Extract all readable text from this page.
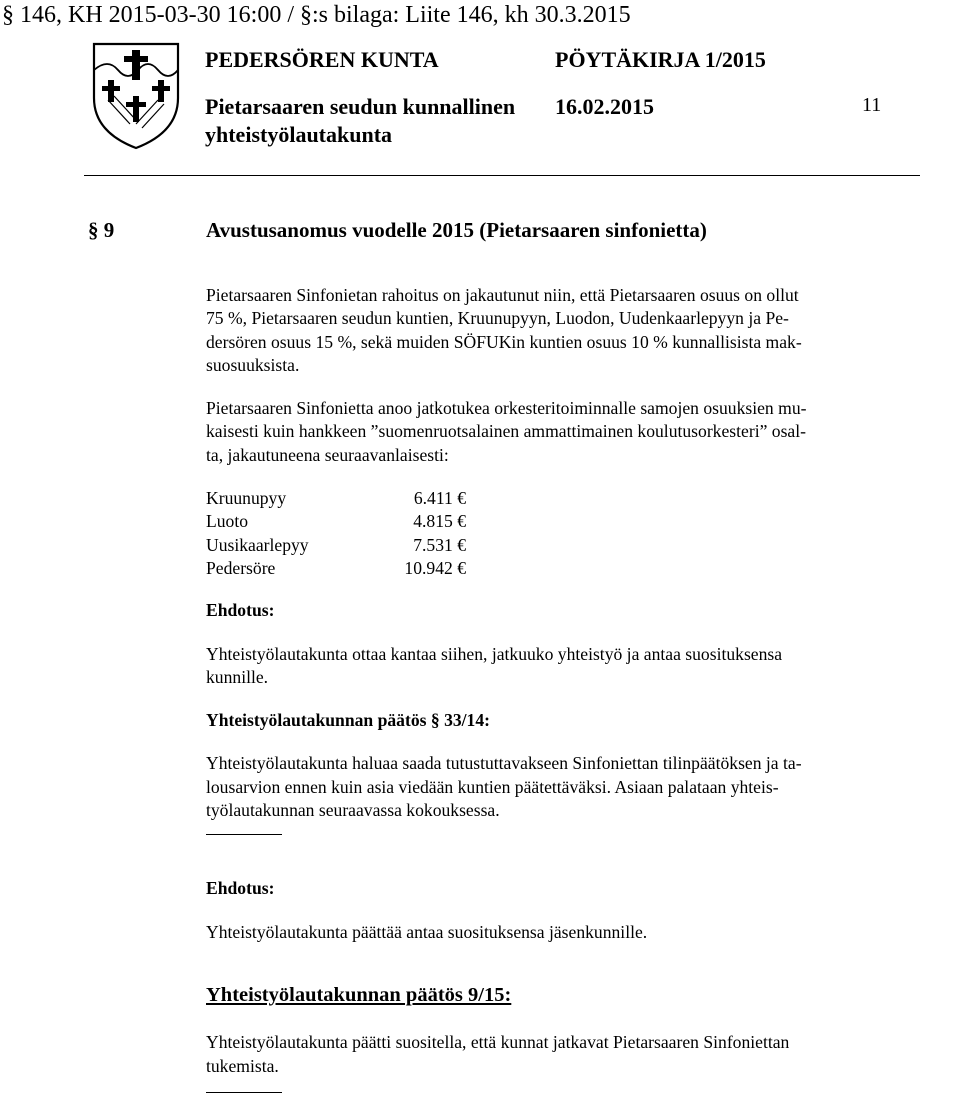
§ 146, KH 2015-03-30 16:00 / §:s bilaga: Liite 146, kh 30.3.2015
PEDERSÖREN KUNTA	PÖYTÄKIRJA 1/2015
Pietarsaaren seudun kunnallinen
yhteistyölautakunta
16.02.2015	11
§ 9	Avustusanomus vuodelle 2015 (Pietarsaaren sinfonietta)
Pietarsaaren Sinfonietan rahoitus on jakautunut niin, että Pietarsaaren osuus on ollut
75 %, Pietarsaaren seudun kuntien, Kruunupyyn, Luodon, Uudenkaarlepyyn ja Pe-
dersören osuus 15 %, sekä muiden SÖFUKin kuntien osuus 10 % kunnallisista mak-
suosuuksista.
Pietarsaaren Sinfonietta anoo jatkotukea orkesteritoiminnalle samojen osuuksien mu-
kaisesti kuin hankkeen ”suomenruotsalainen ammattimainen koulutusorkesteri” osal-
ta, jakautuneena seuraavanlaisesti:
Kruunupyy	6.411 €
Luoto	4.815 €
Uusikaarlepyy	7.531 €
Pedersöre	10.942 €
Ehdotus:
Yhteistyölautakunta ottaa kantaa siihen, jatkuuko yhteistyö ja antaa suosituksensa
kunnille.
Yhteistyölautakunnan päätös § 33/14:
Yhteistyölautakunta haluaa saada tutustuttavakseen Sinfoniettan tilinpäätöksen ja ta-
lousarvion ennen kuin asia viedään kuntien päätettäväksi. Asiaan palataan yhteis-
työlautakunnan seuraavassa kokouksessa.
Ehdotus:
Yhteistyölautakunta päättää antaa suosituksensa jäsenkunnille.
Yhteistyölautakunnan päätös 9/15:
Yhteistyölautakunta päätti suositella, että kunnat jatkavat Pietarsaaren Sinfoniettan
tukemista.
